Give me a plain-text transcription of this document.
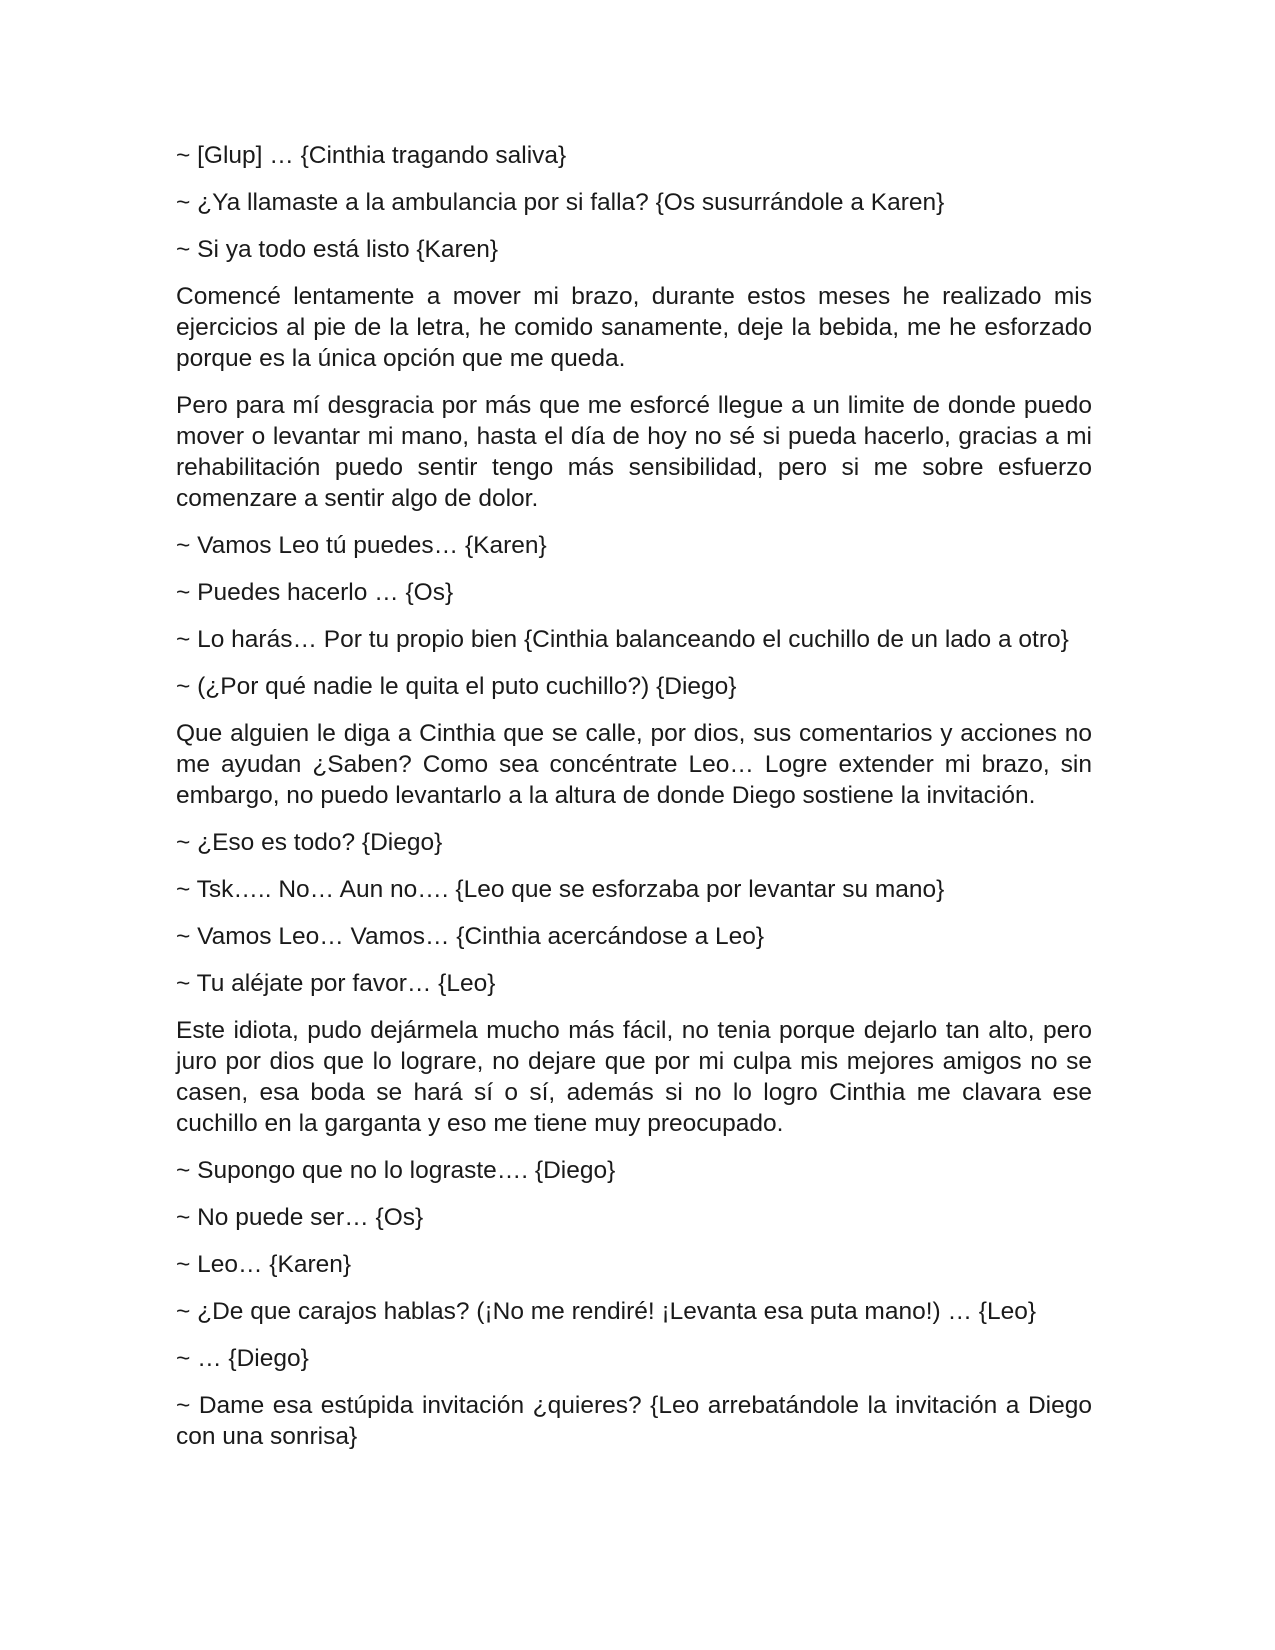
~ [Glup] … {Cinthia tragando saliva}

~ ¿Ya llamaste a la ambulancia por si falla? {Os susurrándole a Karen}

~ Si ya todo está listo {Karen}

Comencé lentamente a mover mi brazo, durante estos meses he realizado mis ejercicios al pie de la letra, he comido sanamente, deje la bebida, me he esforzado porque es la única opción que me queda.

Pero para mí desgracia por más que me esforcé llegue a un limite de donde puedo mover o levantar mi mano, hasta el día de hoy no sé si pueda hacerlo, gracias a mi rehabilitación puedo sentir tengo más sensibilidad, pero si me sobre esfuerzo comenzare a sentir algo de dolor.

~ Vamos Leo tú puedes… {Karen}

~ Puedes hacerlo … {Os}

~ Lo harás… Por tu propio bien {Cinthia balanceando el cuchillo de un lado a otro}

~ (¿Por qué nadie le quita el puto cuchillo?) {Diego}

Que alguien le diga a Cinthia que se calle, por dios, sus comentarios y acciones no me ayudan ¿Saben? Como sea concéntrate Leo… Logre extender mi brazo, sin embargo, no puedo levantarlo a la altura de donde Diego sostiene la invitación.

~ ¿Eso es todo? {Diego}

~ Tsk….. No… Aun no…. {Leo que se esforzaba por levantar su mano}

~ Vamos Leo… Vamos… {Cinthia acercándose a Leo}

~ Tu aléjate por favor… {Leo}

Este idiota, pudo dejármela mucho más fácil, no tenia porque dejarlo tan alto, pero juro por dios que lo lograre, no dejare que por mi culpa mis mejores amigos no se casen, esa boda se hará sí o sí, además si no lo logro Cinthia me clavara ese cuchillo en la garganta y eso me tiene muy preocupado.

~ Supongo que no lo lograste…. {Diego}

~ No puede ser… {Os}

~ Leo… {Karen}

~ ¿De que carajos hablas? (¡No me rendiré! ¡Levanta esa puta mano!) … {Leo}

~ … {Diego}

~ Dame esa estúpida invitación ¿quieres? {Leo arrebatándole la invitación a Diego con una sonrisa}
